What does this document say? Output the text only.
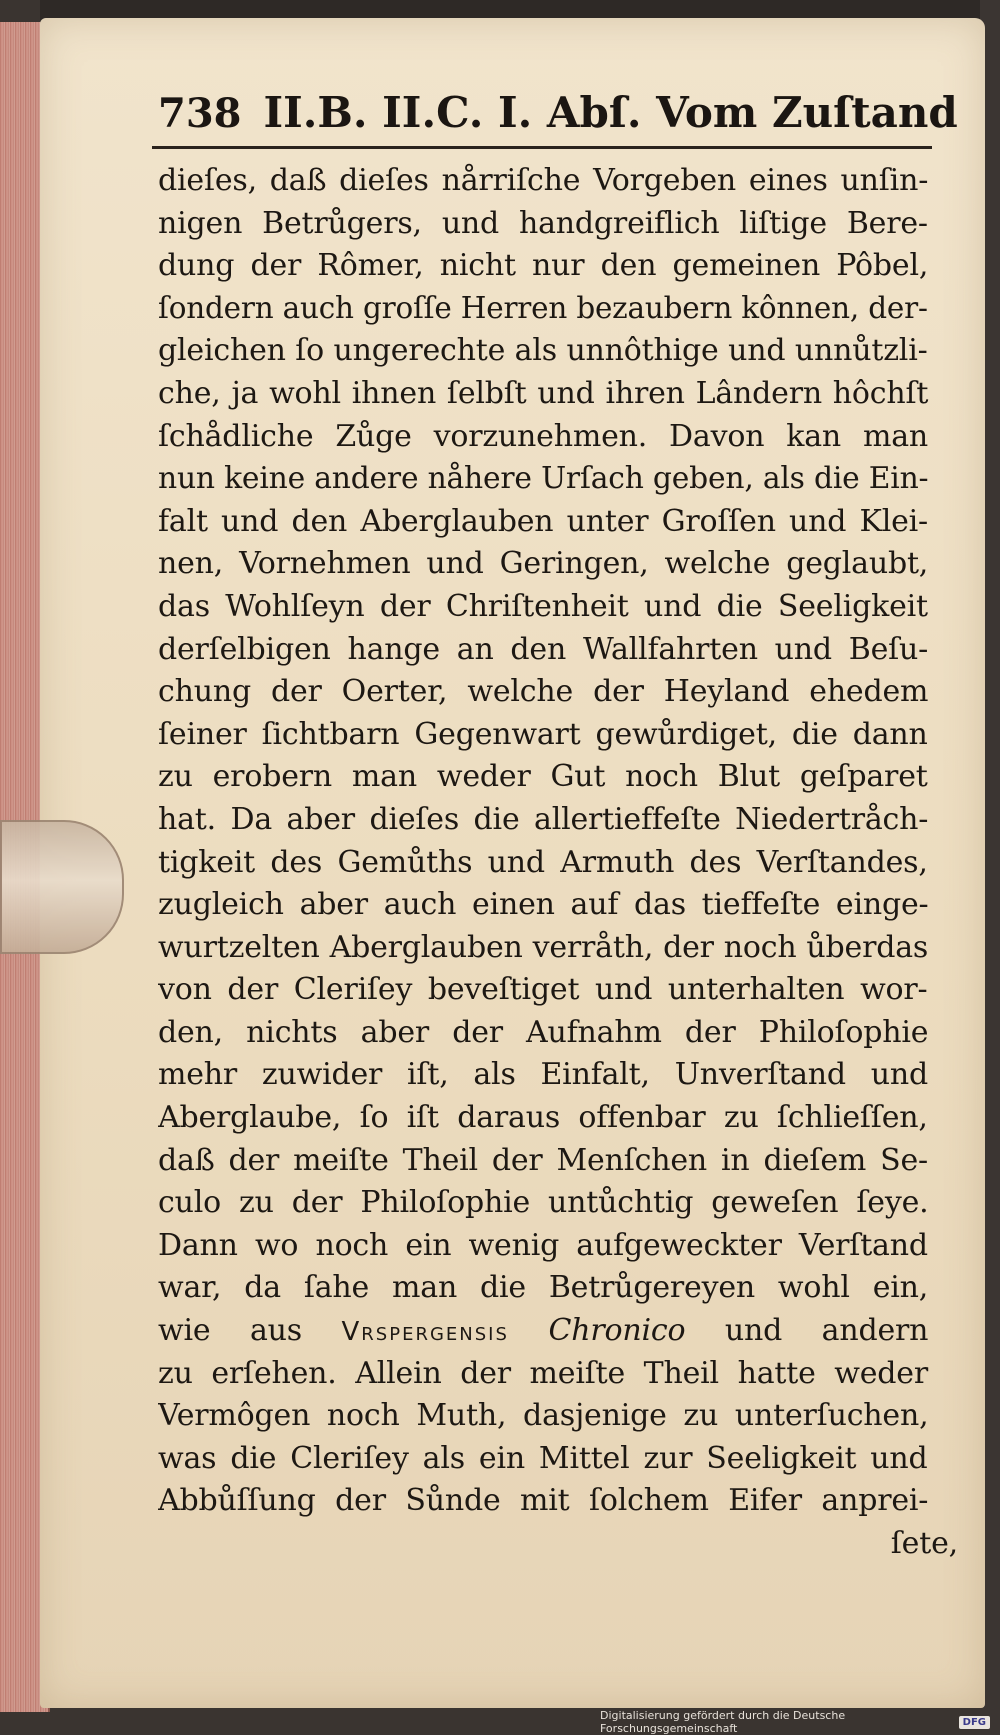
738 II.B. II.C. I. Abſ. Vom Zuſtand
dieſes, daß dieſes nårriſche Vorgeben eines unſin-
nigen Betrůgers, und handgreiflich liſtige Bere-
dung der Rômer, nicht nur den gemeinen Pôbel,
ſondern auch groſſe Herren bezaubern kônnen, der-
gleichen ſo ungerechte als unnôthige und unnůtzli-
che, ja wohl ihnen ſelbſt und ihren Lândern hôchſt
ſchådliche Zůge vorzunehmen. Davon kan man
nun keine andere nåhere Urſach geben, als die Ein-
falt und den Aberglauben unter Groſſen und Klei-
nen, Vornehmen und Geringen, welche geglaubt,
das Wohlſeyn der Chriſtenheit und die Seeligkeit
derſelbigen hange an den Wallfahrten und Beſu-
chung der Oerter, welche der Heyland ehedem
ſeiner ſichtbarn Gegenwart gewůrdiget, die dann
zu erobern man weder Gut noch Blut geſparet
hat. Da aber dieſes die allertieffeſte Niedertråch-
tigkeit des Gemůths und Armuth des Verſtandes,
zugleich aber auch einen auf das tieffeſte einge-
wurtzelten Aberglauben verråth, der noch ůberdas
von der Cleriſey beveſtiget und unterhalten wor-
den, nichts aber der Aufnahm der Philoſophie
mehr zuwider iſt, als Einfalt, Unverſtand und
Aberglaube, ſo iſt daraus offenbar zu ſchlieſſen,
daß der meiſte Theil der Menſchen in dieſem Se-
culo zu der Philoſophie untůchtig geweſen ſeye.
Dann wo noch ein wenig aufgeweckter Verſtand
war, da ſahe man die Betrůgereyen wohl ein,
wie aus Vrspergensis Chronico und andern
zu erſehen. Allein der meiſte Theil hatte weder
Vermôgen noch Muth, dasjenige zu unterſuchen,
was die Cleriſey als ein Mittel zur Seeligkeit und
Abbůſſung der Sůnde mit ſolchem Eifer anprei-
ſete,
Digitalisierung gefördert durch die Deutsche Forschungsgemeinschaft	DFG
